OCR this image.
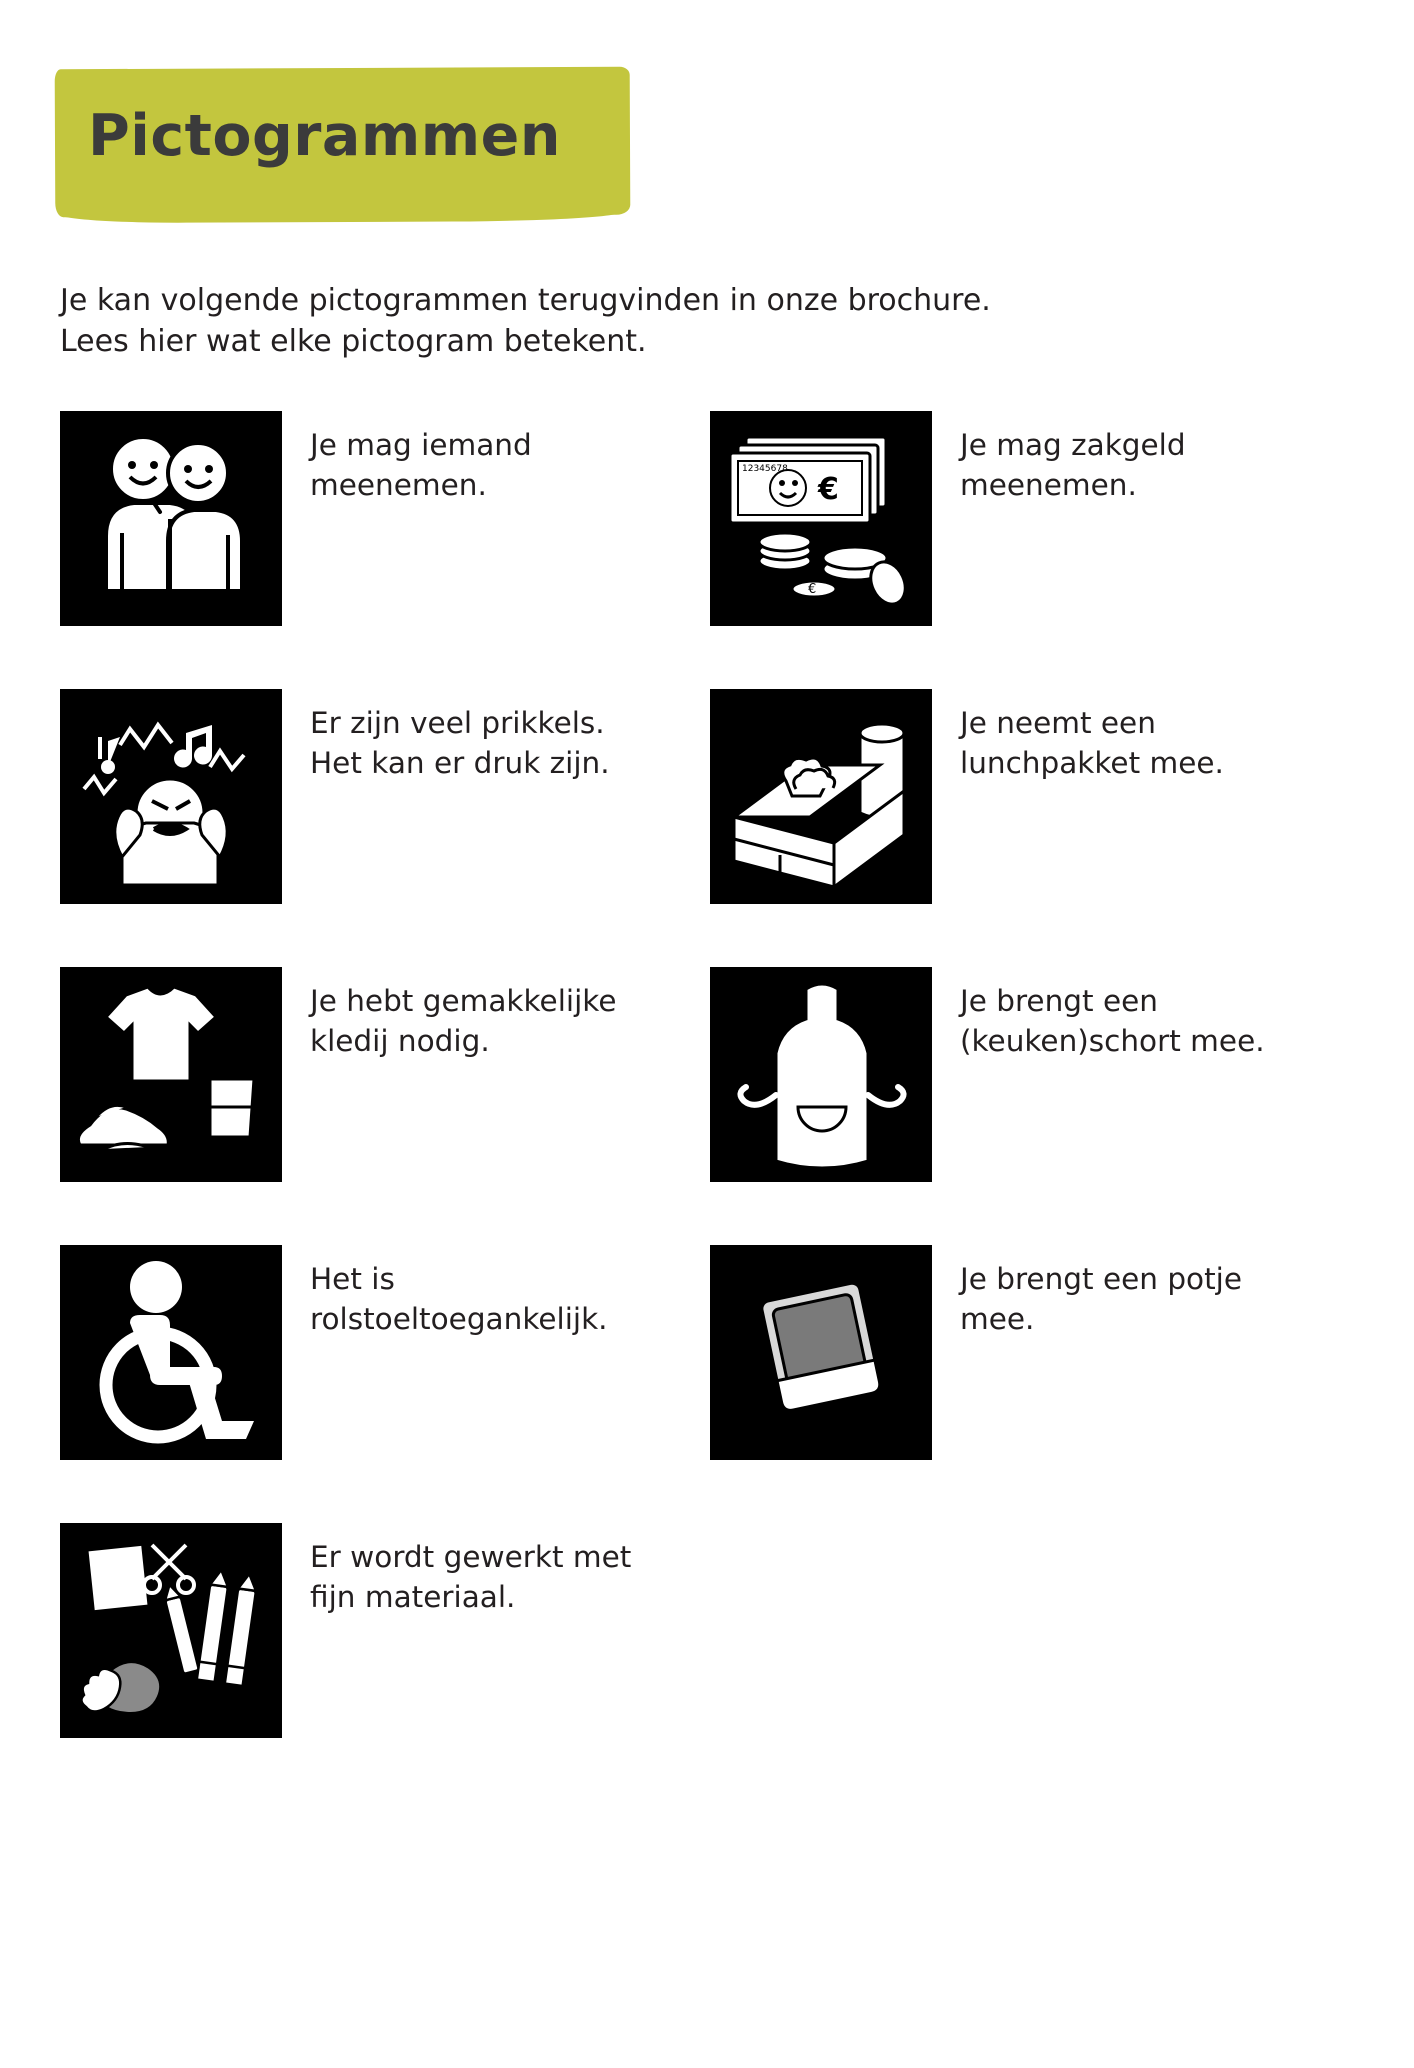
Pictogrammen
Je kan volgende pictogrammen terugvinden in onze brochure.
Lees hier wat elke pictogram betekent.
Je mag iemand
meenemen.	12345678
€
€
Je mag zakgeld
meenemen.
Er zijn veel prikkels.
Het kan er druk zijn.
Je neemt een
lunchpakket mee.
Je hebt gemakkelijke
kledij nodig.
Je brengt een
(keuken)schort mee.
Het is
rolstoeltoegankelijk.
Je brengt een potje
mee.
Er wordt gewerkt met
fijn materiaal.
